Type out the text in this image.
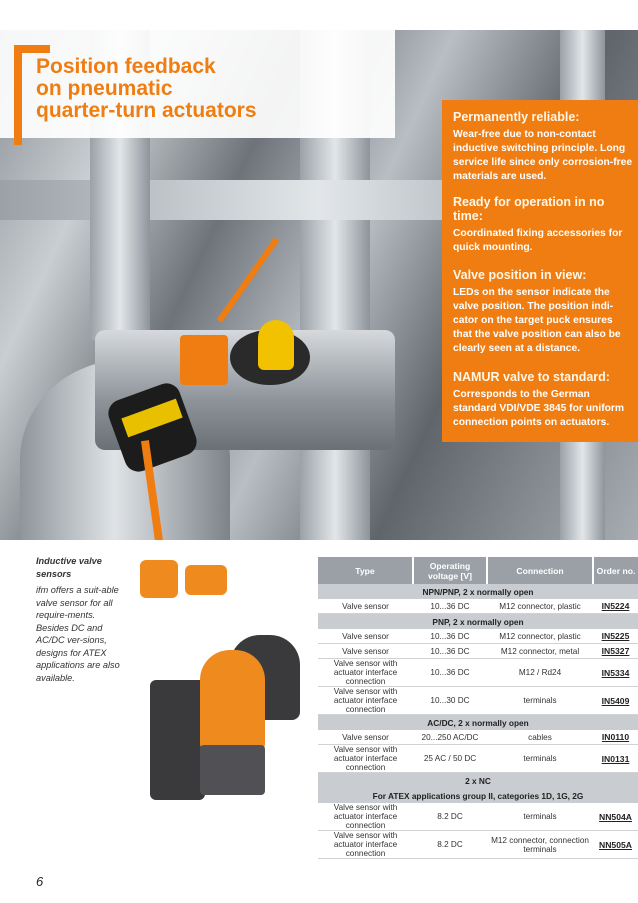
Position feedback
on pneumatic
quarter-turn actuators	Permanently reliable:

Wear-free due to non-contact inductive switching principle. Long service life since only corrosion-free materials are used.

Ready for operation in no time:

Coordinated fixing accessories for quick mounting.

Valve position in view:

LEDs on the sensor indicate the valve position. The position indi-cator on the target puck ensures that the valve position can also be clearly seen at a distance.

NAMUR valve to standard:

Corresponds to the German standard VDI/VDE 3845 for uniform connection points on actuators.

Inductive valve sensors

ifm offers a suit-able valve sensor for all require-ments. Besides DC and AC/DC ver-sions, designs for ATEX applications are also available.

Type	Operating voltage [V]	Connection	Order no.
NPN/PNP, 2 x normally open			
Valve sensor	10...36 DC	M12 connector, plastic	IN5224
PNP, 2 x normally open			
Valve sensor	10...36 DC	M12 connector, plastic	IN5225
Valve sensor	10...36 DC	M12 connector, metal	IN5327
Valve sensor with actuator interface connection	10...36 DC	M12 / Rd24	IN5334
Valve sensor with actuator interface connection	10...30 DC	terminals	IN5409
AC/DC, 2 x normally open			
Valve sensor	20...250 AC/DC	cables	IN0110
Valve sensor with actuator interface connection	25 AC / 50 DC	terminals	IN0131
2 x NC			
For ATEX applications group II, categories 1D, 1G, 2G			
Valve sensor with actuator interface connection	8.2 DC	terminals	NN504A
Valve sensor with actuator interface connection	8.2 DC	M12 connector, connection terminals	NN505A
6
